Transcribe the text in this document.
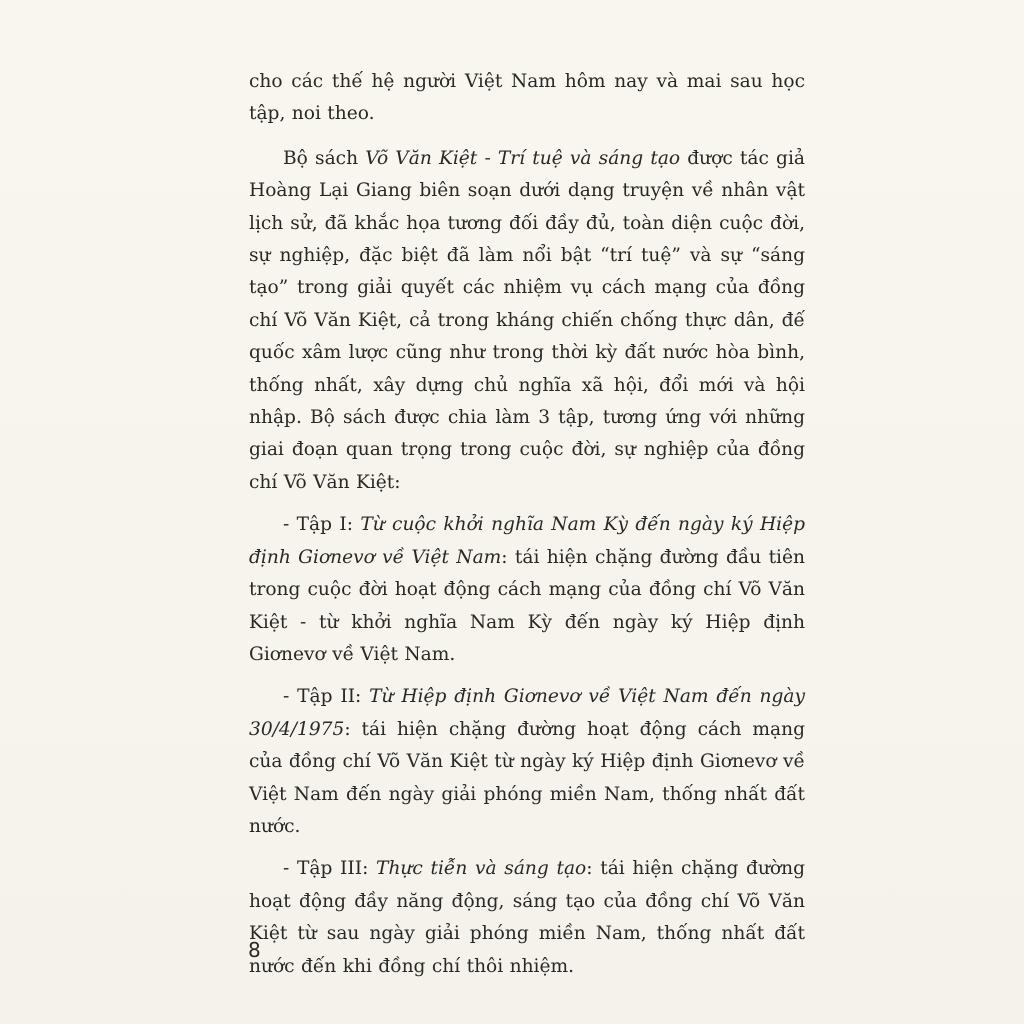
cho các thế hệ người Việt Nam hôm nay và mai sau học tập, noi theo.

Bộ sách Võ Văn Kiệt - Trí tuệ và sáng tạo được tác giả Hoàng Lại Giang biên soạn dưới dạng truyện về nhân vật lịch sử, đã khắc họa tương đối đầy đủ, toàn diện cuộc đời, sự nghiệp, đặc biệt đã làm nổi bật “trí tuệ” và sự “sáng tạo” trong giải quyết các nhiệm vụ cách mạng của đồng chí Võ Văn Kiệt, cả trong kháng chiến chống thực dân, đế quốc xâm lược cũng như trong thời kỳ đất nước hòa bình, thống nhất, xây dựng chủ nghĩa xã hội, đổi mới và hội nhập. Bộ sách được chia làm 3 tập, tương ứng với những giai đoạn quan trọng trong cuộc đời, sự nghiệp của đồng chí Võ Văn Kiệt:

- Tập I: Từ cuộc khởi nghĩa Nam Kỳ đến ngày ký Hiệp định Giơnevơ về Việt Nam: tái hiện chặng đường đầu tiên trong cuộc đời hoạt động cách mạng của đồng chí Võ Văn Kiệt - từ khởi nghĩa Nam Kỳ đến ngày ký Hiệp định Giơnevơ về Việt Nam.

- Tập II: Từ Hiệp định Giơnevơ về Việt Nam đến ngày 30/4/1975: tái hiện chặng đường hoạt động cách mạng của đồng chí Võ Văn Kiệt từ ngày ký Hiệp định Giơnevơ về Việt Nam đến ngày giải phóng miền Nam, thống nhất đất nước.

- Tập III: Thực tiễn và sáng tạo: tái hiện chặng đường hoạt động đầy năng động, sáng tạo của đồng chí Võ Văn Kiệt từ sau ngày giải phóng miền Nam, thống nhất đất nước đến khi đồng chí thôi nhiệm.

8
